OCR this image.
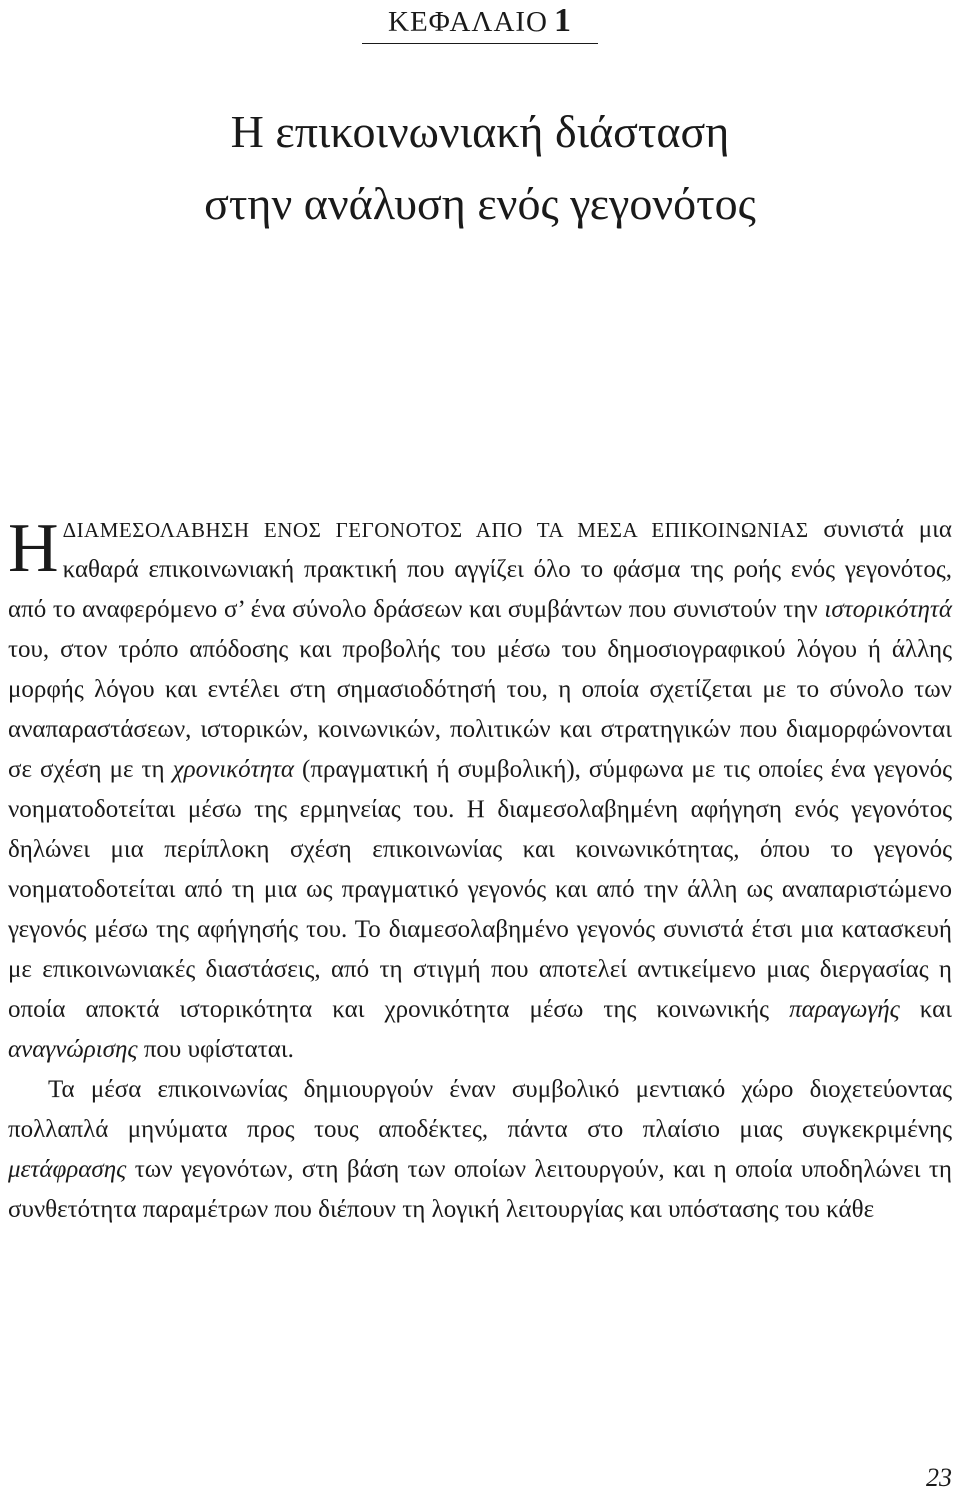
ΚΕΦΑΛΑΙΟ 1
Η επικοινωνιακή διάσταση
στην ανάλυση ενός γεγονότος

ΗΔΙΑΜΕΣΟΛΑΒΗΣΗ ΕΝΟΣ ΓΕΓΟΝΟΤΟΣ ΑΠΟ ΤΑ ΜΕΣΑ ΕΠΙΚΟΙΝΩΝΙΑΣ συνιστά μια καθαρά επικοινωνιακή πρακτική που αγγίζει όλο το φάσμα της ροής ενός γεγονότος, από το αναφερόμενο σ’ ένα σύνολο δράσεων και συμβάντων που συνιστούν την ιστορικότητά του, στον τρόπο απόδοσης και προβολής του μέσω του δημοσιογραφικού λόγου ή άλλης μορφής λόγου και εντέλει στη σημασιοδότησή του, η οποία σχετίζεται με το σύνολο των αναπαραστάσεων, ιστορικών, κοινωνικών, πολιτικών και στρατηγικών που διαμορφώνονται σε σχέση με τη χρονικότητα (πραγματική ή συμβολική), σύμφωνα με τις οποίες ένα γεγονός νοηματοδοτείται μέσω της ερμηνείας του. Η διαμεσολαβημένη αφήγηση ενός γεγονότος δηλώνει μια περίπλοκη σχέση επικοινωνίας και κοινωνικότητας, όπου το γεγονός νοηματοδοτείται από τη μια ως πραγματικό γεγονός και από την άλλη ως αναπαριστώμενο γεγονός μέσω της αφήγησής του. Το διαμεσολαβημένο γεγονός συνιστά έτσι μια κατασκευή με επικοινωνιακές διαστάσεις, από τη στιγμή που αποτελεί αντικείμενο μιας διεργασίας η οποία αποκτά ιστορικότητα και χρονικότητα μέσω της κοινωνικής παραγωγής και αναγνώρισης που υφίσταται.

Τα μέσα επικοινωνίας δημιουργούν έναν συμβολικό μεντιακό χώρο διοχετεύοντας πολλαπλά μηνύματα προς τους αποδέκτες, πάντα στο πλαίσιο μιας συγκεκριμένης μετάφρασης των γεγονότων, στη βάση των οποίων λειτουργούν, και η οποία υποδηλώνει τη συνθετότητα παραμέτρων που διέπουν τη λογική λειτουργίας και υπόστασης του κάθε

23
